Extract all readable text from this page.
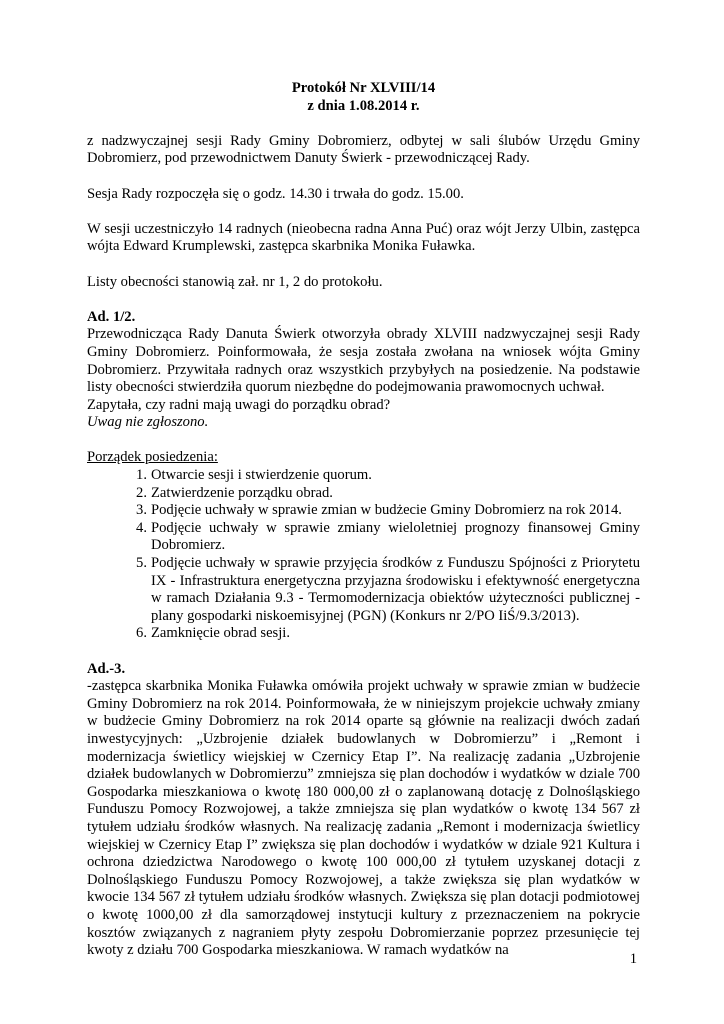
Protokół Nr XLVIII/14

z dnia 1.08.2014 r.

z nadzwyczajnej sesji Rady Gminy Dobromierz, odbytej w sali ślubów Urzędu Gminy Dobromierz, pod przewodnictwem Danuty Świerk - przewodniczącej Rady.

Sesja Rady rozpoczęła się o godz. 14.30 i trwała do godz. 15.00.

W sesji uczestniczyło 14 radnych (nieobecna radna Anna Puć) oraz wójt Jerzy Ulbin, zastępca wójta Edward Krumplewski, zastępca skarbnika Monika Fuławka.

Listy obecności stanowią zał. nr 1, 2 do protokołu.

Ad. 1/2.

Przewodnicząca Rady Danuta Świerk otworzyła obrady XLVIII nadzwyczajnej sesji Rady Gminy Dobromierz. Poinformowała, że sesja została zwołana na wniosek wójta Gminy Dobromierz. Przywitała radnych oraz wszystkich przybyłych na posiedzenie. Na podstawie listy obecności stwierdziła quorum niezbędne do podejmowania prawomocnych uchwał.

Zapytała, czy radni mają uwagi do porządku obrad?

Uwag nie zgłoszono.

Porządek posiedzenia:

1. Otwarcie sesji i stwierdzenie quorum.
2. Zatwierdzenie porządku obrad.
3. Podjęcie uchwały w sprawie zmian w budżecie Gminy Dobromierz na rok 2014.
4. Podjęcie uchwały w sprawie zmiany wieloletniej prognozy finansowej Gminy Dobromierz.
5. Podjęcie uchwały w sprawie przyjęcia środków z Funduszu Spójności z Priorytetu IX - Infrastruktura energetyczna przyjazna środowisku i efektywność energetyczna w ramach Działania 9.3 - Termomodernizacja obiektów użyteczności publicznej - plany gospodarki niskoemisyjnej (PGN) (Konkurs nr 2/PO IiŚ/9.3/2013).
6. Zamknięcie obrad sesji.

Ad.-3.

-zastępca skarbnika Monika Fuławka omówiła projekt uchwały w sprawie zmian w budżecie Gminy Dobromierz na rok 2014. Poinformowała, że w niniejszym projekcie uchwały zmiany w budżecie Gminy Dobromierz na rok 2014 oparte są głównie na realizacji dwóch zadań inwestycyjnych: „Uzbrojenie działek budowlanych w Dobromierzu” i „Remont i modernizacja świetlicy wiejskiej w Czernicy Etap I”. Na realizację zadania „Uzbrojenie działek budowlanych w Dobromierzu” zmniejsza się plan dochodów i wydatków w dziale 700 Gospodarka mieszkaniowa o kwotę 180 000,00 zł o zaplanowaną dotację z Dolnośląskiego Funduszu Pomocy Rozwojowej, a także zmniejsza się plan wydatków o kwotę 134 567 zł tytułem udziału środków własnych. Na realizację zadania „Remont i modernizacja świetlicy wiejskiej w Czernicy Etap I” zwiększa się plan dochodów i wydatków w dziale 921 Kultura i ochrona dziedzictwa Narodowego o kwotę 100 000,00 zł tytułem uzyskanej dotacji z Dolnośląskiego Funduszu Pomocy Rozwojowej, a także zwiększa się plan wydatków w kwocie 134 567 zł tytułem udziału środków własnych. Zwiększa się plan dotacji podmiotowej o kwotę 1000,00 zł dla samorządowej instytucji kultury z przeznaczeniem na pokrycie kosztów związanych z nagraniem płyty zespołu Dobromierzanie poprzez przesunięcie tej kwoty z działu 700 Gospodarka mieszkaniowa. W ramach wydatków na

1
